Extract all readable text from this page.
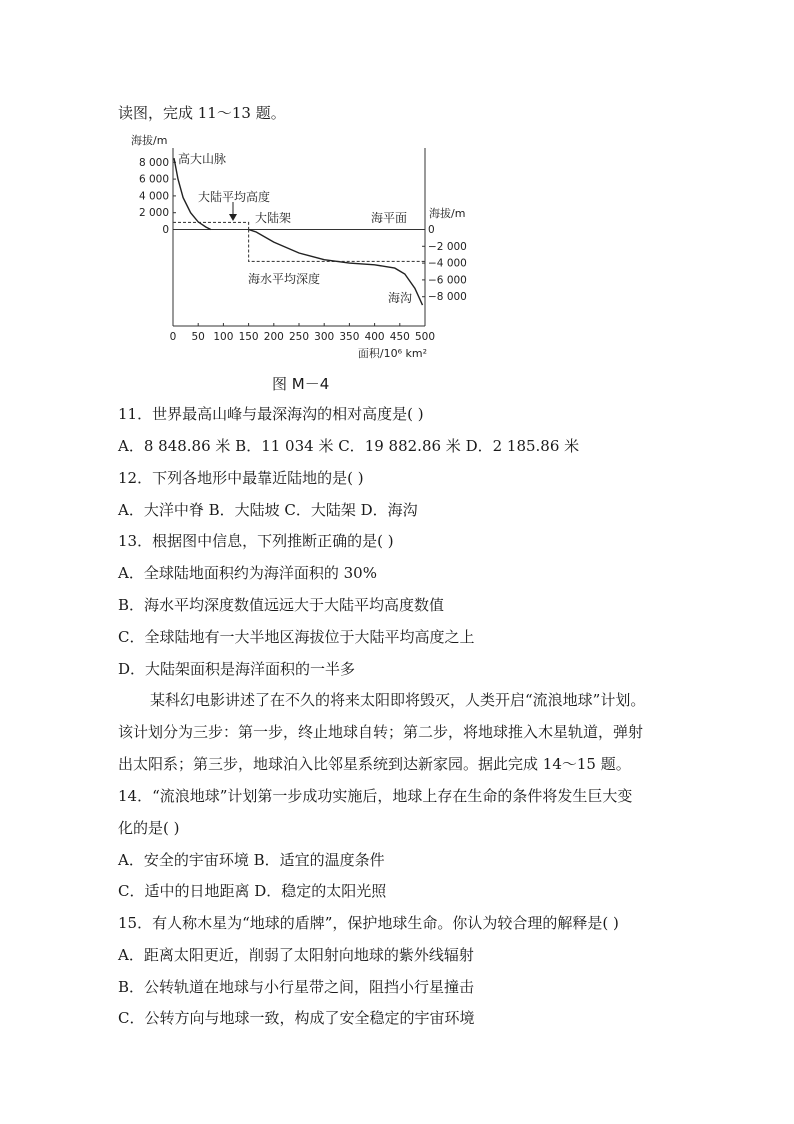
读图，完成 11～13 题。
8 000
6 000
4 000
2 000
0	0
−2 000
−4 000
−6 000
−8 000
0 50 100 150 200 250 300 350 400 450 500
海拔/m
海拔/m
面积/10⁶ km²
高大山脉
大陆平均高度
大陆架	海平面
海水平均深度
海沟
图 M－4
11．世界最高山峰与最深海沟的相对高度是( )
A．8 848.86 米 B．11 034 米 C．19 882.86 米 D．2 185.86 米
12．下列各地形中最靠近陆地的是( )
A．大洋中脊 B．大陆坡 C．大陆架 D．海沟
13．根据图中信息，下列推断正确的是( )
A．全球陆地面积约为海洋面积的 30%
B．海水平均深度数值远远大于大陆平均高度数值
C．全球陆地有一大半地区海拔位于大陆平均高度之上
D．大陆架面积是海洋面积的一半多
某科幻电影讲述了在不久的将来太阳即将毁灭，人类开启“流浪地球”计划。
该计划分为三步：第一步，终止地球自转；第二步，将地球推入木星轨道，弹射
出太阳系；第三步，地球泊入比邻星系统到达新家园。据此完成 14～15 题。
14．“流浪地球”计划第一步成功实施后，地球上存在生命的条件将发生巨大变
化的是( )
A．安全的宇宙环境 B．适宜的温度条件
C．适中的日地距离 D．稳定的太阳光照
15．有人称木星为“地球的盾牌”，保护地球生命。你认为较合理的解释是( )
A．距离太阳更近，削弱了太阳射向地球的紫外线辐射
B．公转轨道在地球与小行星带之间，阻挡小行星撞击
C．公转方向与地球一致，构成了安全稳定的宇宙环境
